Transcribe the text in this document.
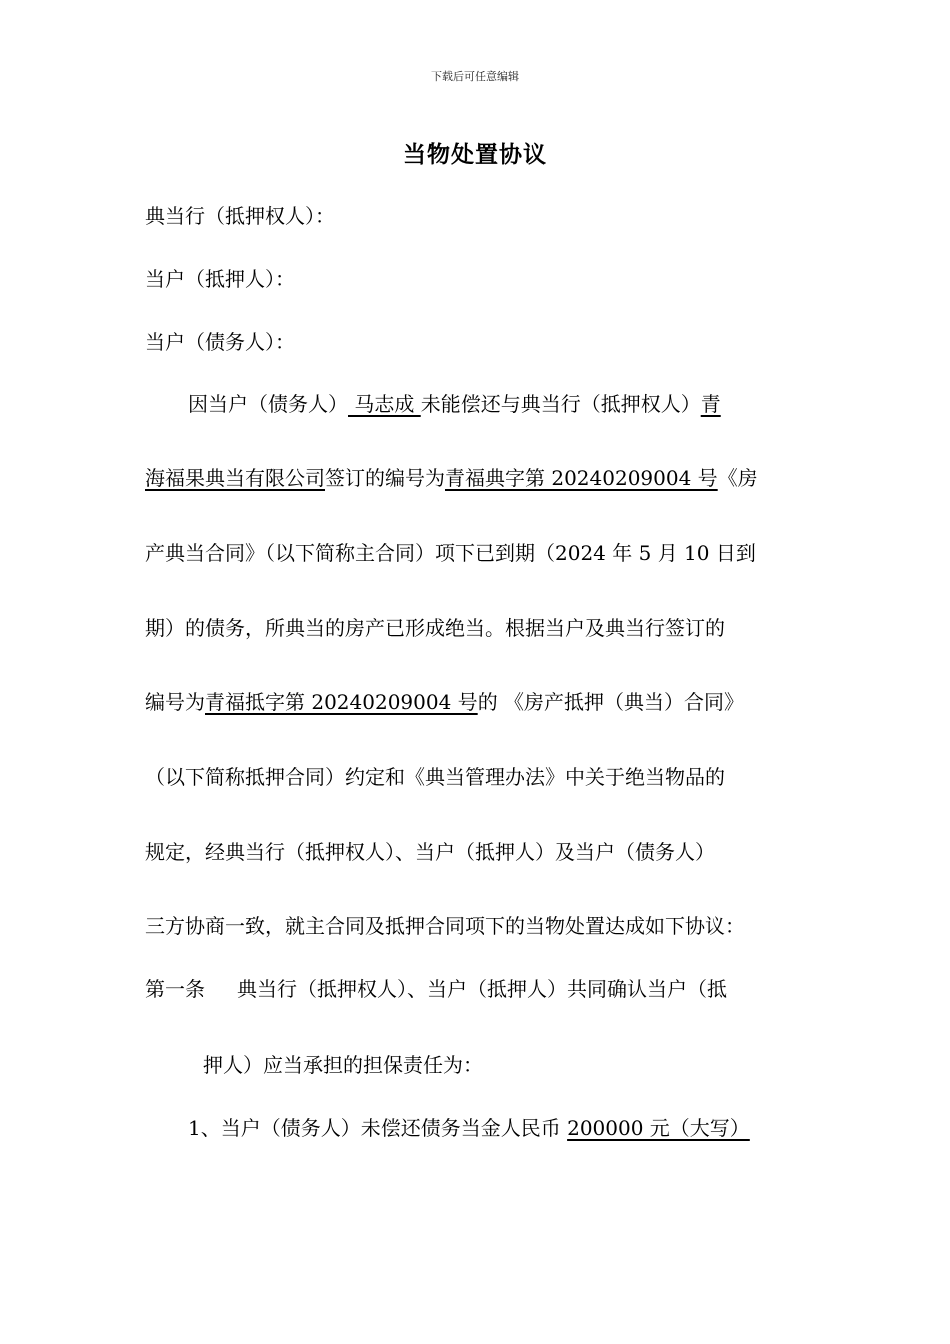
下载后可任意编辑
当物处置协议
典当行（抵押权人）：
当户（抵押人）：
当户（债务人）：
因当户（债务人） 马志成 未能偿还与典当行（抵押权人）青
海福果典当有限公司签订的编号为青福典字第 20240209004 号《房
产典当合同》（以下简称主合同）项下已到期（2024 年 5 月 10 日到
期）的债务，所典当的房产已形成绝当。根据当户及典当行签订的
编号为青福抵字第 20240209004 号的 《房产抵押（典当）合同》
（以下简称抵押合同）约定和《典当管理办法》中关于绝当物品的
规定，经典当行（抵押权人）、当户（抵押人）及当户（债务人）
三方协商一致，就主合同及抵押合同项下的当物处置达成如下协议：
第一条 典当行（抵押权人）、当户（抵押人）共同确认当户（抵
押人）应当承担的担保责任为：
1、当户（债务人）未偿还债务当金人民币 200000 元（大写）
